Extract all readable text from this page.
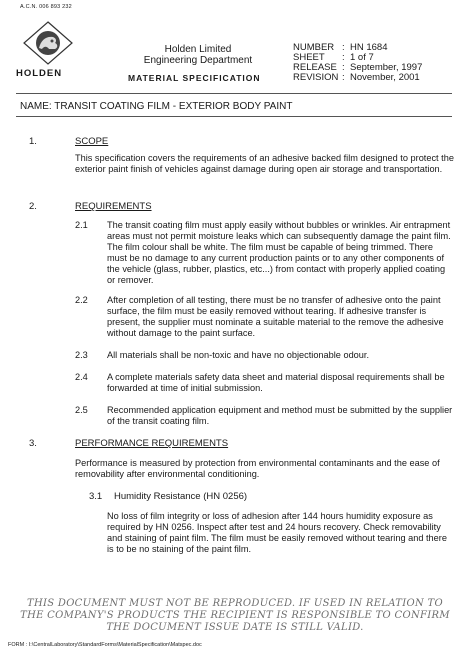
A.C.N. 006 893 232
HOLDEN
Holden Limited
Engineering Department
MATERIAL SPECIFICATION
NUMBER : HN 1684
SHEET	: 1 of 7
RELEASE : September, 1997
REVISION : November, 2001
NAME: TRANSIT COATING FILM - EXTERIOR BODY PAINT
1.	SCOPE
This specification covers the requirements of an adhesive backed film designed to protect the exterior paint finish of vehicles against damage during open air storage and transportation.
2.	REQUIREMENTS
2.1 The transit coating film must apply easily without bubbles or wrinkles. Air entrapment areas must not permit moisture leaks which can subsequently damage the paint film. The film colour shall be white. The film must be capable of being trimmed. There must be no damage to any current production paints or to any other components of the vehicle (glass, rubber, plastics, etc...) from contact with properly applied coating or remover.
2.2 After completion of all testing, there must be no transfer of adhesive onto the paint surface, the film must be easily removed without tearing. If adhesive transfer is present, the supplier must nominate a suitable material to the remove the adhesive without damage to the paint surface.
2.3 All materials shall be non-toxic and have no objectionable odour.
2.4 A complete materials safety data sheet and material disposal requirements shall be forwarded at time of initial submission.
2.5 Recommended application equipment and method must be submitted by the supplier of the transit coating film.
3.	PERFORMANCE REQUIREMENTS
Performance is measured by protection from environmental contaminants and the ease of removability after environmental conditioning.
3.1 Humidity Resistance (HN 0256)
No loss of film integrity or loss of adhesion after 144 hours humidity exposure as required by HN 0256. Inspect after test and 24 hours recovery. Check removability and staining of paint film. The film must be easily removed without tearing and there is to be no staining of the paint film.
THIS DOCUMENT MUST NOT BE REPRODUCED. IF USED IN RELATION TO
THE COMPANY'S PRODUCTS THE RECIPIENT IS RESPONSIBLE TO CONFIRM
THE DOCUMENT ISSUE DATE IS STILL VALID.
FORM : I:\CentralLaboratory\StandardForms\MaterialSpecification\Matspec.doc
